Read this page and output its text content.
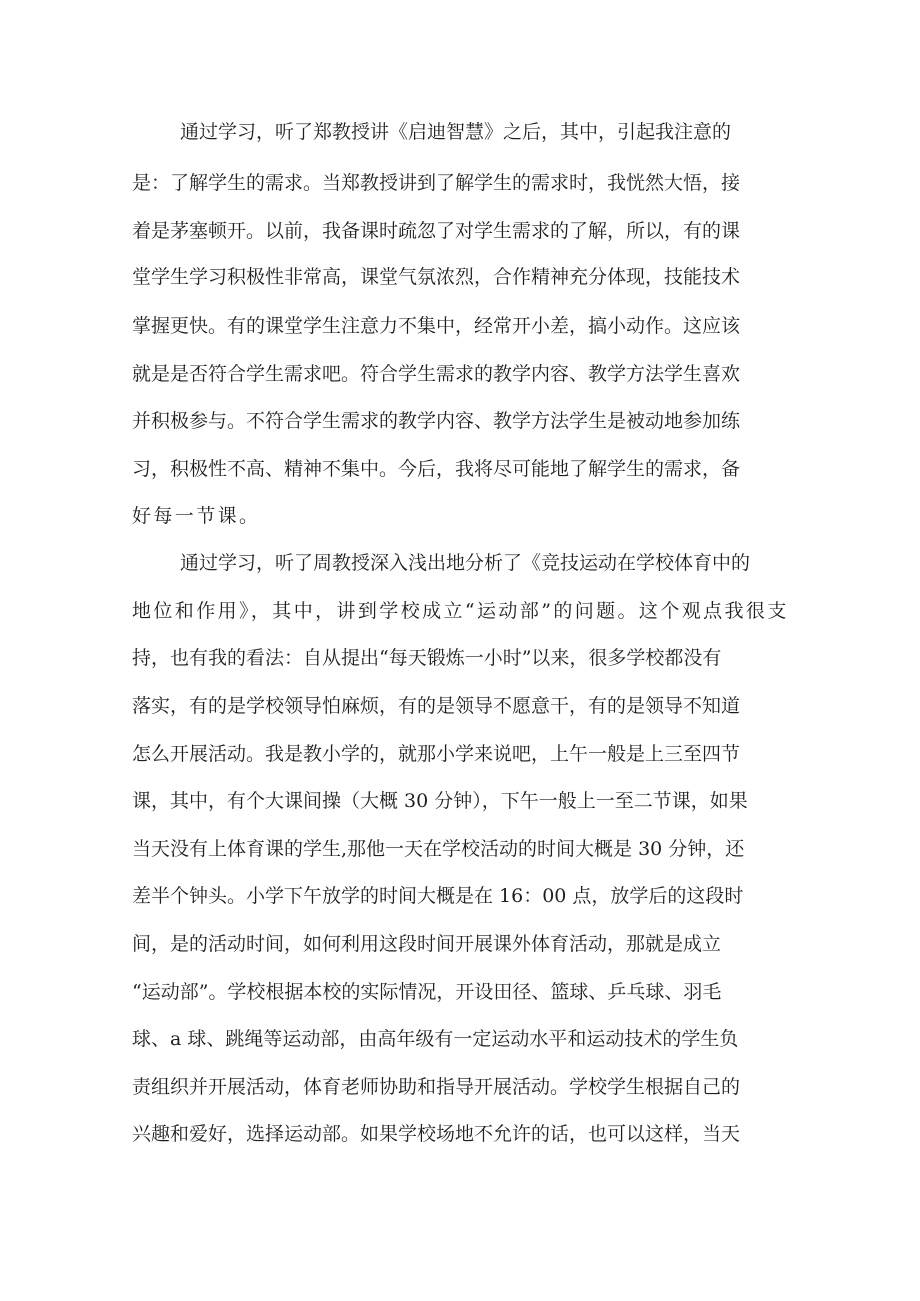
通过学习，听了郑教授讲《启迪智慧》之后，其中，引起我注意的
是：了解学生的需求。当郑教授讲到了解学生的需求时，我恍然大悟，接
着是茅塞顿开。以前，我备课时疏忽了对学生需求的了解，所以，有的课
堂学生学习积极性非常高，课堂气氛浓烈，合作精神充分体现，技能技术
掌握更快。有的课堂学生注意力不集中，经常开小差，搞小动作。这应该
就是是否符合学生需求吧。符合学生需求的教学内容、教学方法学生喜欢
并积极参与。不符合学生需求的教学内容、教学方法学生是被动地参加练
习，积极性不高、精神不集中。今后，我将尽可能地了解学生的需求，备
好每一节课。
通过学习，听了周教授深入浅出地分析了《竞技运动在学校体育中的
地位和作用》，其中，讲到学校成立“运动部”的问题。这个观点我很支
持，也有我的看法：自从提出“每天锻炼一小时”以来，很多学校都没有
落实，有的是学校领导怕麻烦，有的是领导不愿意干，有的是领导不知道
怎么开展活动。我是教小学的，就那小学来说吧，上午一般是上三至四节
课，其中，有个大课间操（大概 30 分钟），下午一般上一至二节课，如果
当天没有上体育课的学生,那他一天在学校活动的时间大概是 30 分钟，还
差半个钟头。小学下午放学的时间大概是在 16：00 点，放学后的这段时
间，是的活动时间，如何利用这段时间开展课外体育活动，那就是成立
“运动部”。学校根据本校的实际情况，开设田径、篮球、乒乓球、羽毛
球、a 球、跳绳等运动部，由高年级有一定运动水平和运动技术的学生负
责组织并开展活动，体育老师协助和指导开展活动。学校学生根据自己的
兴趣和爱好，选择运动部。如果学校场地不允许的话，也可以这样，当天
